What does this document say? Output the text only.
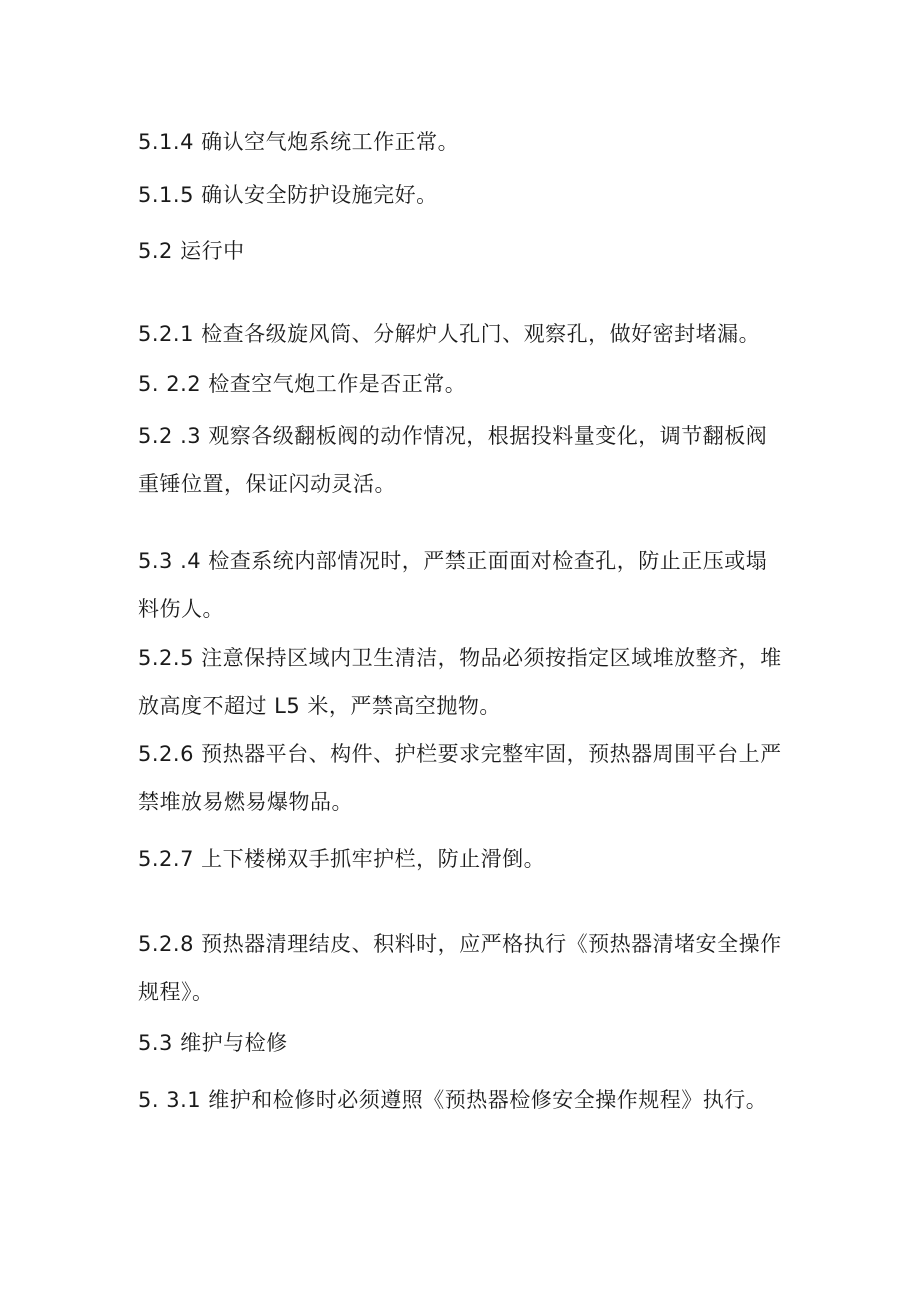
5.1.4 确认空气炮系统工作正常。
5.1.5 确认安全防护设施完好。
5.2 运行中
5.2.1 检查各级旋风筒、分解炉人孔门、观察孔，做好密封堵漏。
5. 2.2 检查空气炮工作是否正常。
5.2 .3 观察各级翻板阀的动作情况，根据投料量变化，调节翻板阀
重锤位置，保证闪动灵活。
5.3 .4 检查系统内部情况时，严禁正面面对检查孔，防止正压或塌
料伤人。
5.2.5 注意保持区域内卫生清洁，物品必须按指定区域堆放整齐，堆
放高度不超过 L5 米，严禁高空抛物。
5.2.6 预热器平台、构件、护栏要求完整牢固，预热器周围平台上严
禁堆放易燃易爆物品。
5.2.7 上下楼梯双手抓牢护栏，防止滑倒。
5.2.8 预热器清理结皮、积料时，应严格执行《预热器清堵安全操作
规程》。
5.3 维护与检修
5. 3.1 维护和检修时必须遵照《预热器检修安全操作规程》执行。
